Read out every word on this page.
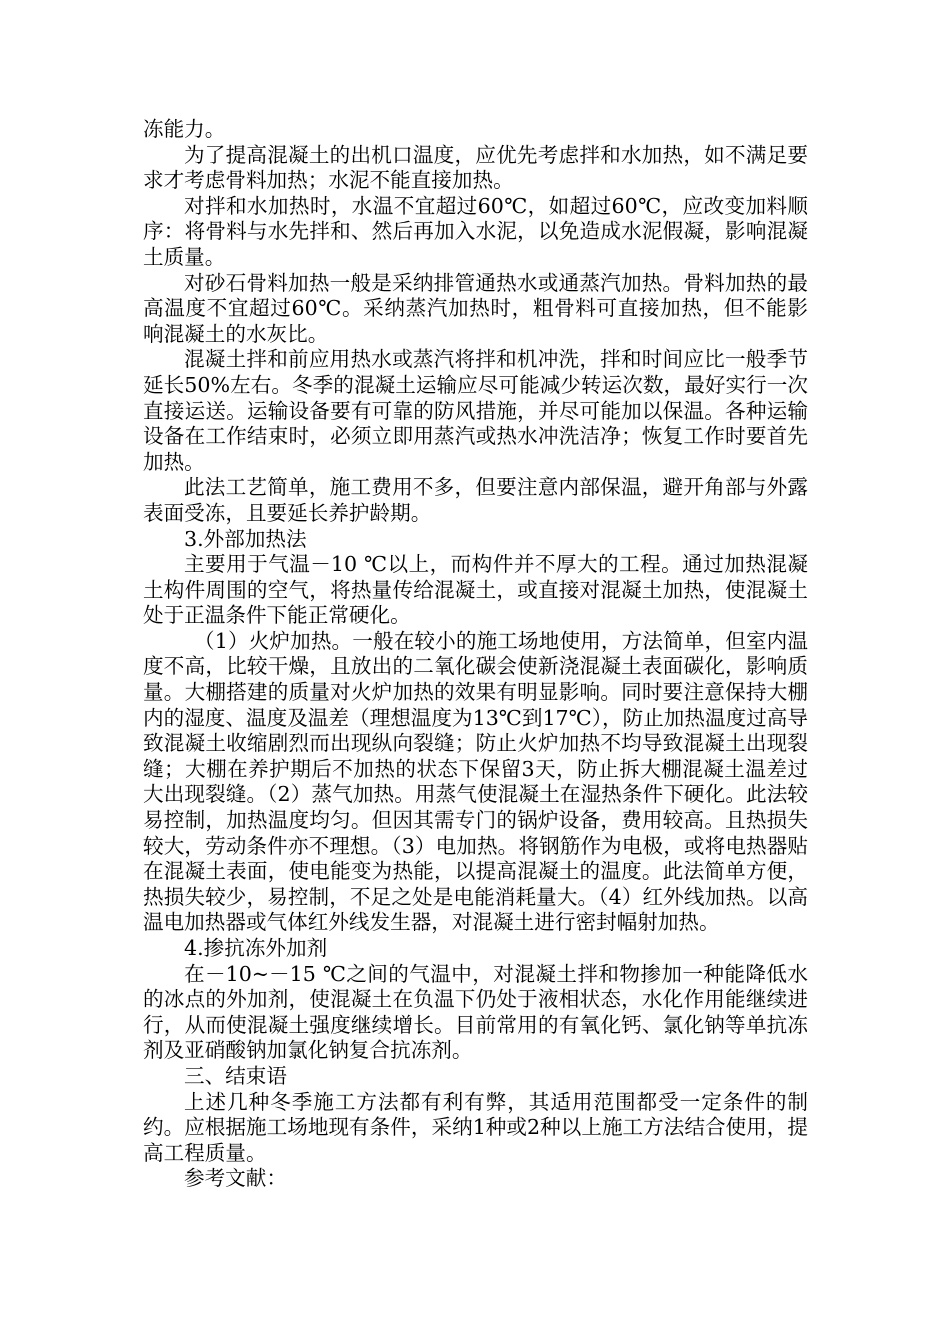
冻能力。

为了提高混凝土的出机口温度，应优先考虑拌和水加热，如不满足要求才考虑骨料加热；水泥不能直接加热。

对拌和水加热时，水温不宜超过60℃，如超过60℃，应改变加料顺序：将骨料与水先拌和、然后再加入水泥，以免造成水泥假凝，影响混凝土质量。

对砂石骨料加热一般是采纳排管通热水或通蒸汽加热。骨料加热的最高温度不宜超过60℃。采纳蒸汽加热时，粗骨料可直接加热，但不能影响混凝土的水灰比。

混凝土拌和前应用热水或蒸汽将拌和机冲洗，拌和时间应比一般季节延长50%左右。冬季的混凝土运输应尽可能减少转运次数，最好实行一次直接运送。运输设备要有可靠的防风措施，并尽可能加以保温。各种运输设备在工作结束时，必须立即用蒸汽或热水冲洗洁净；恢复工作时要首先加热。

此法工艺简单，施工费用不多，但要注意内部保温，避开角部与外露表面受冻，且要延长养护龄期。

3.外部加热法

主要用于气温－10 ℃以上，而构件并不厚大的工程。通过加热混凝土构件周围的空气，将热量传给混凝土，或直接对混凝土加热，使混凝土处于正温条件下能正常硬化。

（1）火炉加热。一般在较小的施工场地使用，方法简单，但室内温度不高，比较干燥，且放出的二氧化碳会使新浇混凝土表面碳化，影响质量。大棚搭建的质量对火炉加热的效果有明显影响。同时要注意保持大棚内的湿度、温度及温差（理想温度为13℃到17℃），防止加热温度过高导致混凝土收缩剧烈而出现纵向裂缝；防止火炉加热不均导致混凝土出现裂缝；大棚在养护期后不加热的状态下保留3天，防止拆大棚混凝土温差过大出现裂缝。（2）蒸气加热。用蒸气使混凝土在湿热条件下硬化。此法较易控制，加热温度均匀。但因其需专门的锅炉设备，费用较高。且热损失较大，劳动条件亦不理想。（3）电加热。将钢筋作为电极，或将电热器贴在混凝土表面，使电能变为热能，以提高混凝土的温度。此法简单方便，热损失较少，易控制，不足之处是电能消耗量大。（4）红外线加热。以高温电加热器或气体红外线发生器，对混凝土进行密封幅射加热。

4.掺抗冻外加剂

在－10~－15 ℃之间的气温中，对混凝土拌和物掺加一种能降低水的冰点的外加剂，使混凝土在负温下仍处于液相状态，水化作用能继续进行，从而使混凝土强度继续增长。目前常用的有氧化钙、氯化钠等单抗冻剂及亚硝酸钠加氯化钠复合抗冻剂。

三、结束语

上述几种冬季施工方法都有利有弊，其适用范围都受一定条件的制约。应根据施工场地现有条件，采纳1种或2种以上施工方法结合使用，提高工程质量。

参考文献：
